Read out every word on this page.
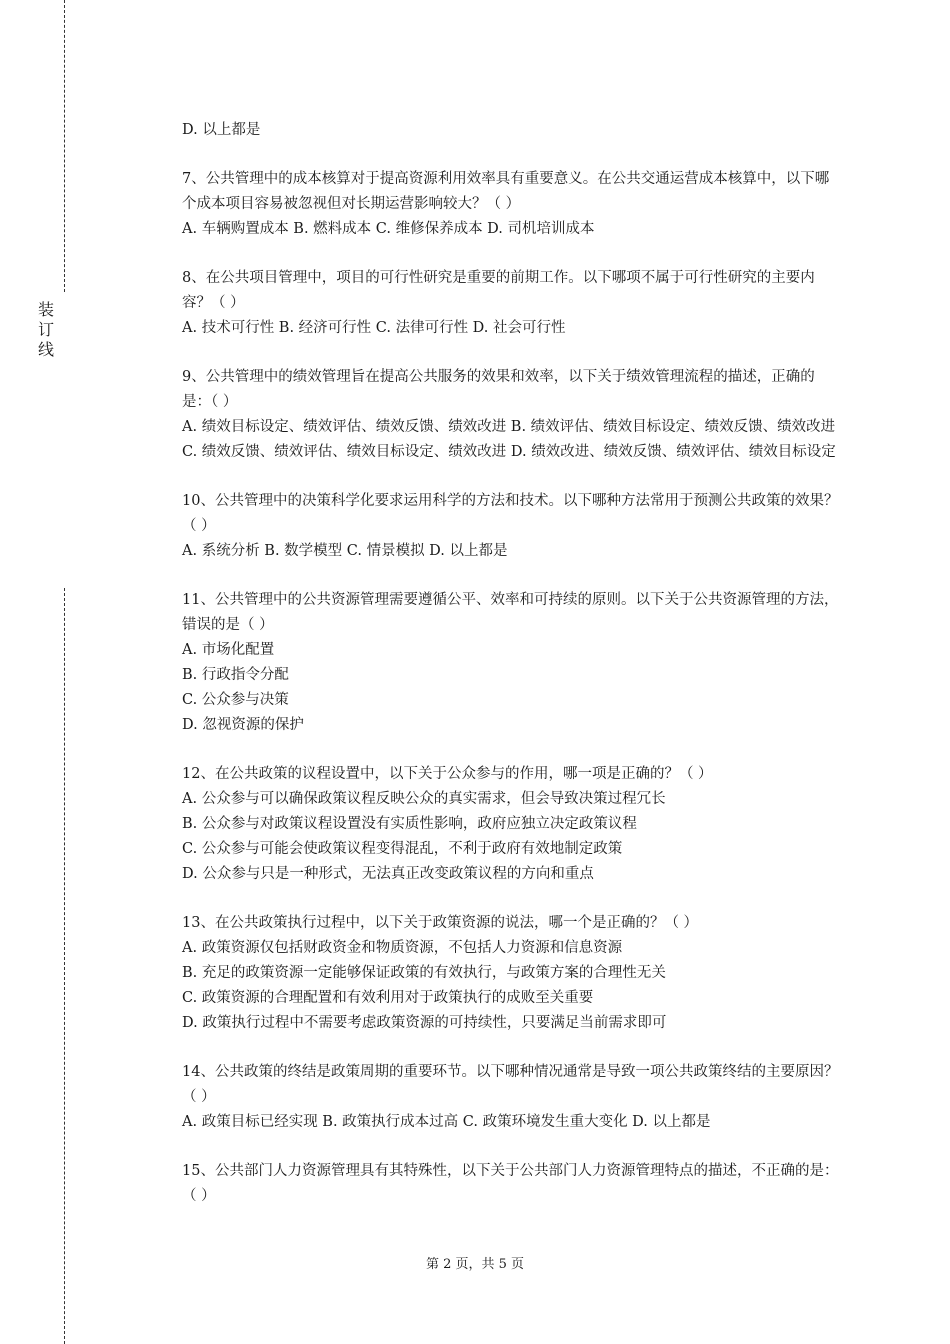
装
订
线

D. 以上都是

7、公共管理中的成本核算对于提高资源利用效率具有重要意义。在公共交通运营成本核算中，以下哪个成本项目容易被忽视但对长期运营影响较大？（ ）

A. 车辆购置成本 B. 燃料成本 C. 维修保养成本 D. 司机培训成本

8、在公共项目管理中，项目的可行性研究是重要的前期工作。以下哪项不属于可行性研究的主要内容？（ ）

A. 技术可行性 B. 经济可行性 C. 法律可行性 D. 社会可行性

9、公共管理中的绩效管理旨在提高公共服务的效果和效率，以下关于绩效管理流程的描述，正确的是：（ ）

A. 绩效目标设定、绩效评估、绩效反馈、绩效改进 B. 绩效评估、绩效目标设定、绩效反馈、绩效改进 C. 绩效反馈、绩效评估、绩效目标设定、绩效改进 D. 绩效改进、绩效反馈、绩效评估、绩效目标设定

10、公共管理中的决策科学化要求运用科学的方法和技术。以下哪种方法常用于预测公共政策的效果？（ ）

A. 系统分析 B. 数学模型 C. 情景模拟 D. 以上都是

11、公共管理中的公共资源管理需要遵循公平、效率和可持续的原则。以下关于公共资源管理的方法，错误的是（ ）

A. 市场化配置

B. 行政指令分配

C. 公众参与决策

D. 忽视资源的保护

12、在公共政策的议程设置中，以下关于公众参与的作用，哪一项是正确的？（ ）

A. 公众参与可以确保政策议程反映公众的真实需求，但会导致决策过程冗长

B. 公众参与对政策议程设置没有实质性影响，政府应独立决定政策议程

C. 公众参与可能会使政策议程变得混乱，不利于政府有效地制定政策

D. 公众参与只是一种形式，无法真正改变政策议程的方向和重点

13、在公共政策执行过程中，以下关于政策资源的说法，哪一个是正确的？（ ）

A. 政策资源仅包括财政资金和物质资源，不包括人力资源和信息资源

B. 充足的政策资源一定能够保证政策的有效执行，与政策方案的合理性无关

C. 政策资源的合理配置和有效利用对于政策执行的成败至关重要

D. 政策执行过程中不需要考虑政策资源的可持续性，只要满足当前需求即可

14、公共政策的终结是政策周期的重要环节。以下哪种情况通常是导致一项公共政策终结的主要原因？（ ）

A. 政策目标已经实现 B. 政策执行成本过高 C. 政策环境发生重大变化 D. 以上都是

15、公共部门人力资源管理具有其特殊性，以下关于公共部门人力资源管理特点的描述，不正确的是：（ ）

第 2 页，共 5 页
